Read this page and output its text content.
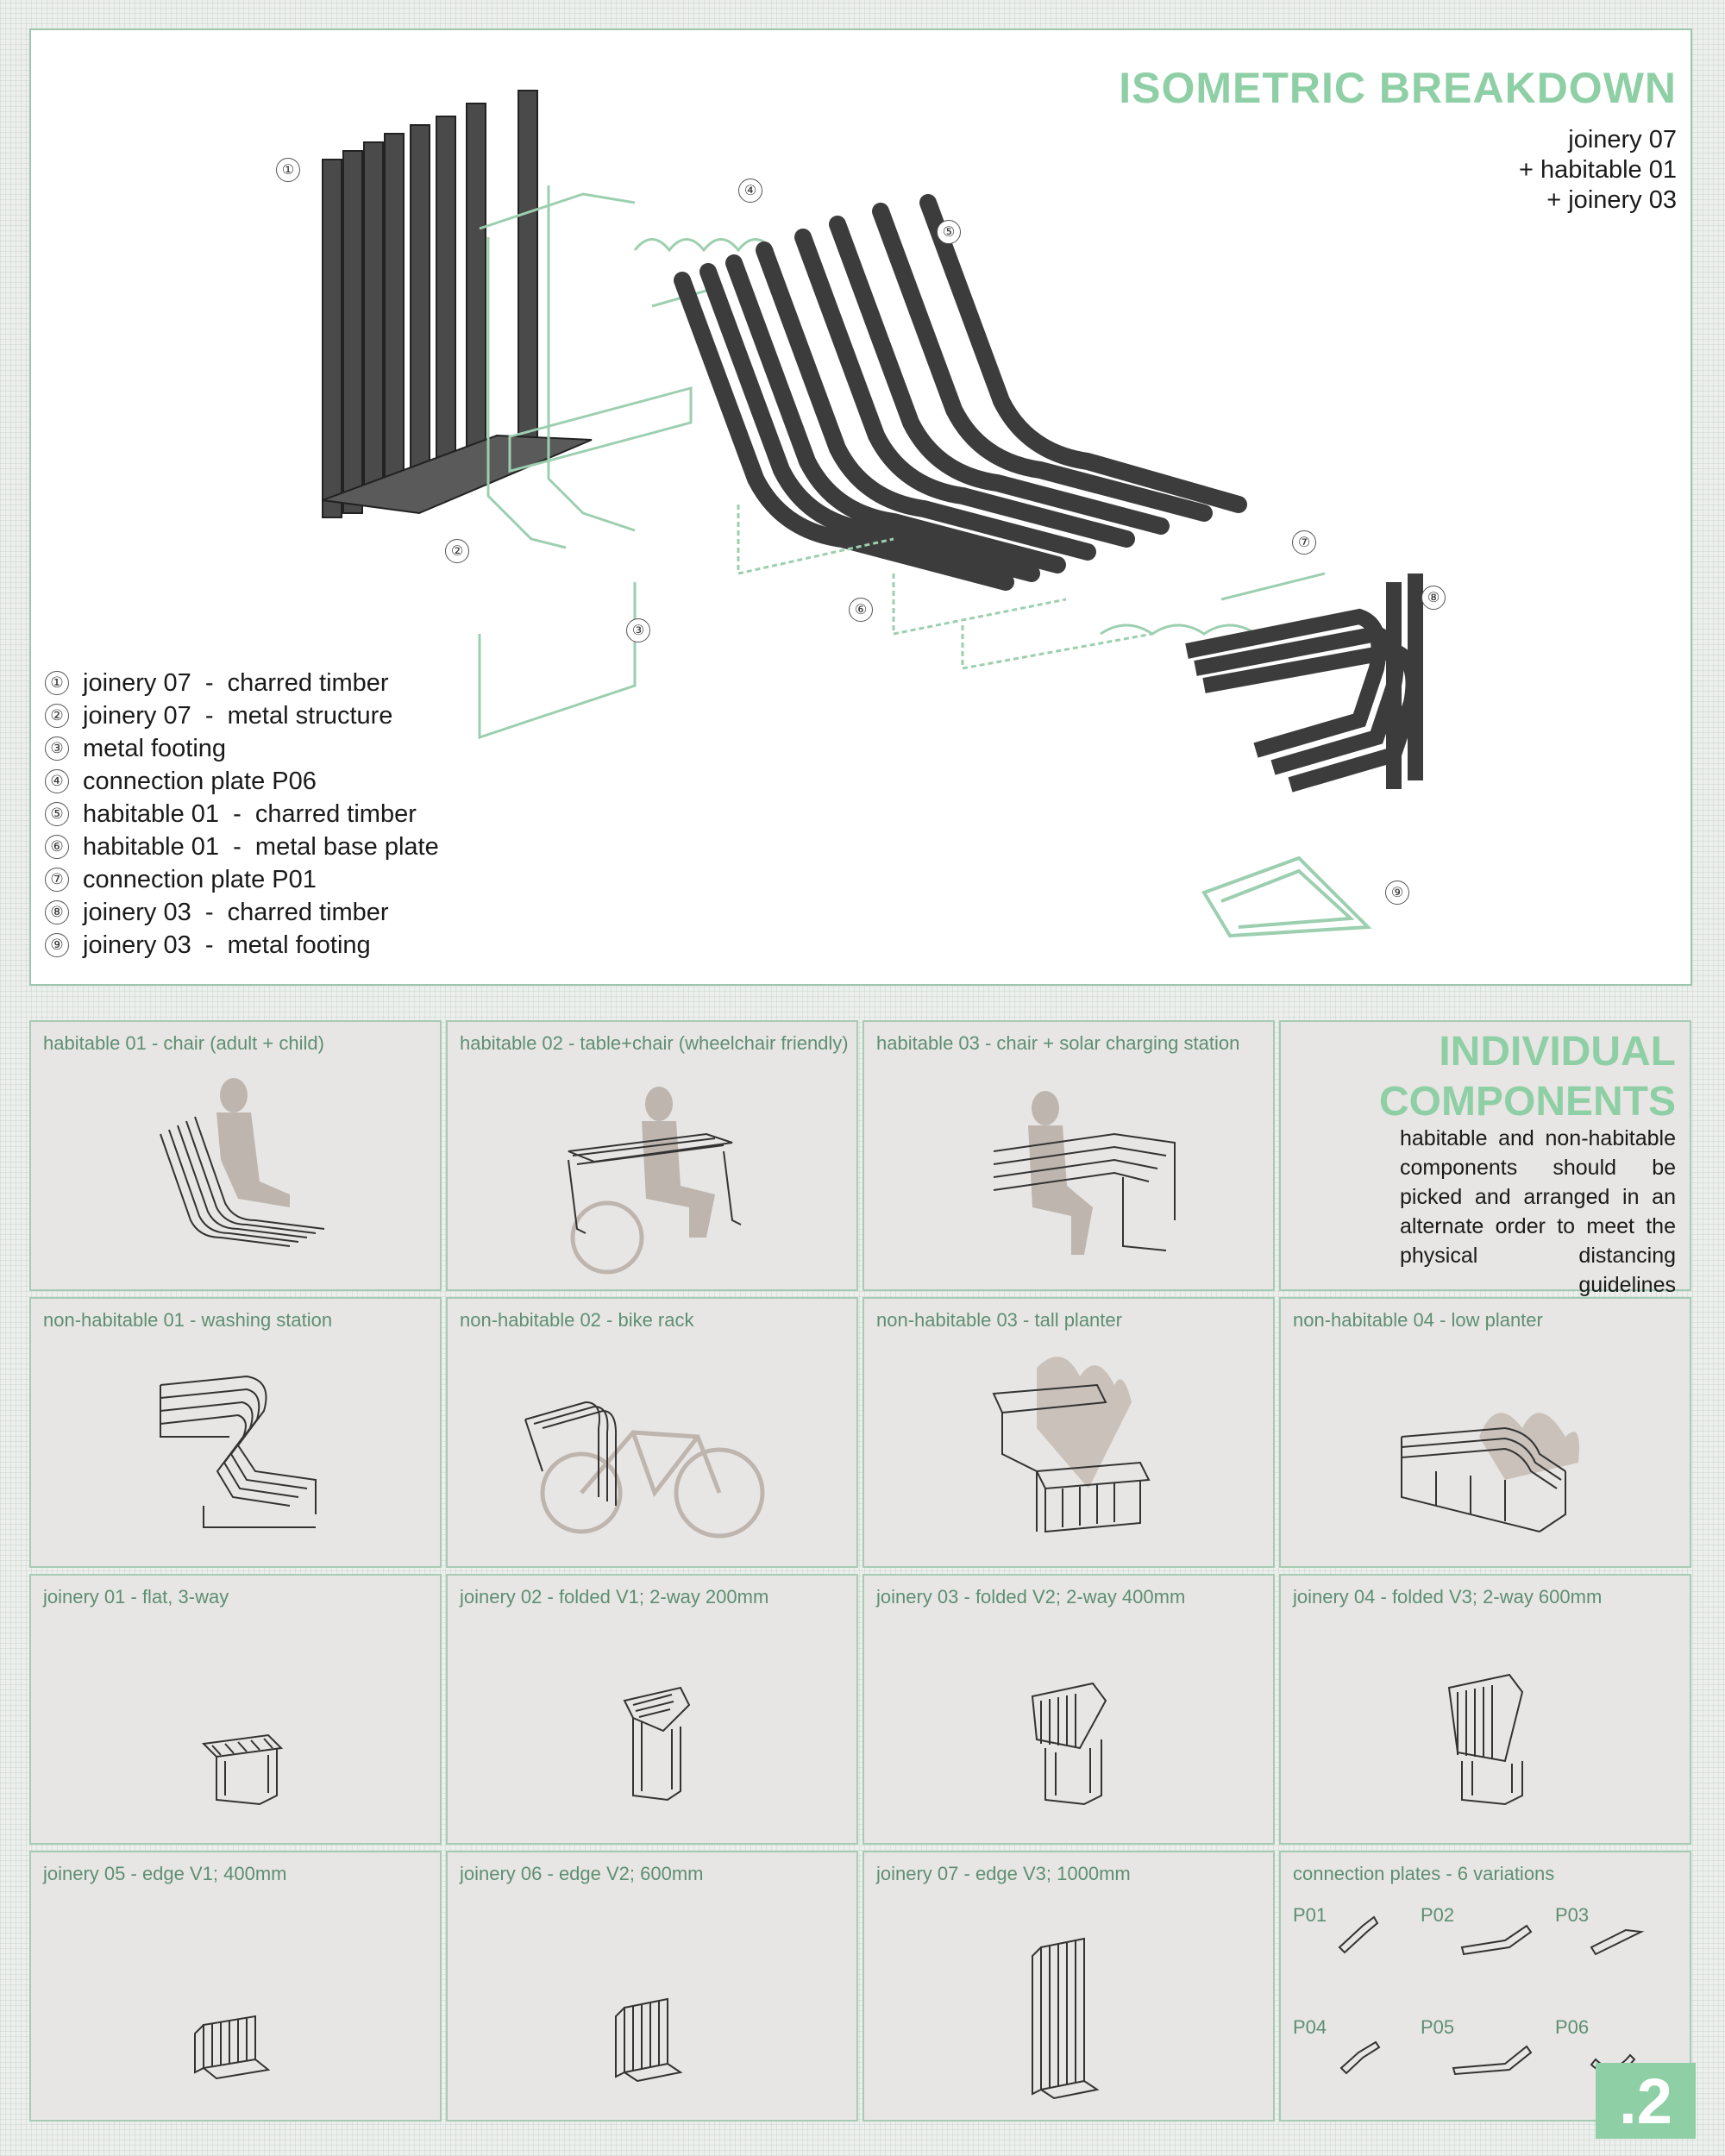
ISOMETRIC BREAKDOWN
joinery 07
+ habitable 01
+ joinery 03
①
②
③
④
⑤
⑥
⑦
⑧
⑨
① joinery 07  -  charred timber
② joinery 07  -  metal structure
③ metal footing
④ connection plate P06
⑤ habitable 01  -  charred timber
⑥ habitable 01  -  metal base plate
⑦ connection plate P01
⑧ joinery 03  -  charred timber
⑨ joinery 03  -  metal footing
habitable 01 - chair (adult + child)	habitable 02 - table+chair (wheelchair friendly) habitable 03 - chair + solar charging station	INDIVIDUAL
COMPONENTS
habitable and non-habitable components should be picked and arranged in an alternate order to meet the physical distancing guidelines
non-habitable 01 - washing station	non-habitable 02 - bike rack	non-habitable 03 - tall planter	non-habitable 04 - low planter
joinery 01 - flat, 3-way	joinery 02 - folded V1; 2-way 200mm	joinery 03 - folded V2; 2-way 400mm	joinery 04 - folded V3; 2-way 600mm
joinery 05 - edge V1; 400mm	joinery 06 - edge V2; 600mm	joinery 07 - edge V3; 1000mm	connection plates - 6 variations
P01	P02	P03
P04	P05	P06
.2
